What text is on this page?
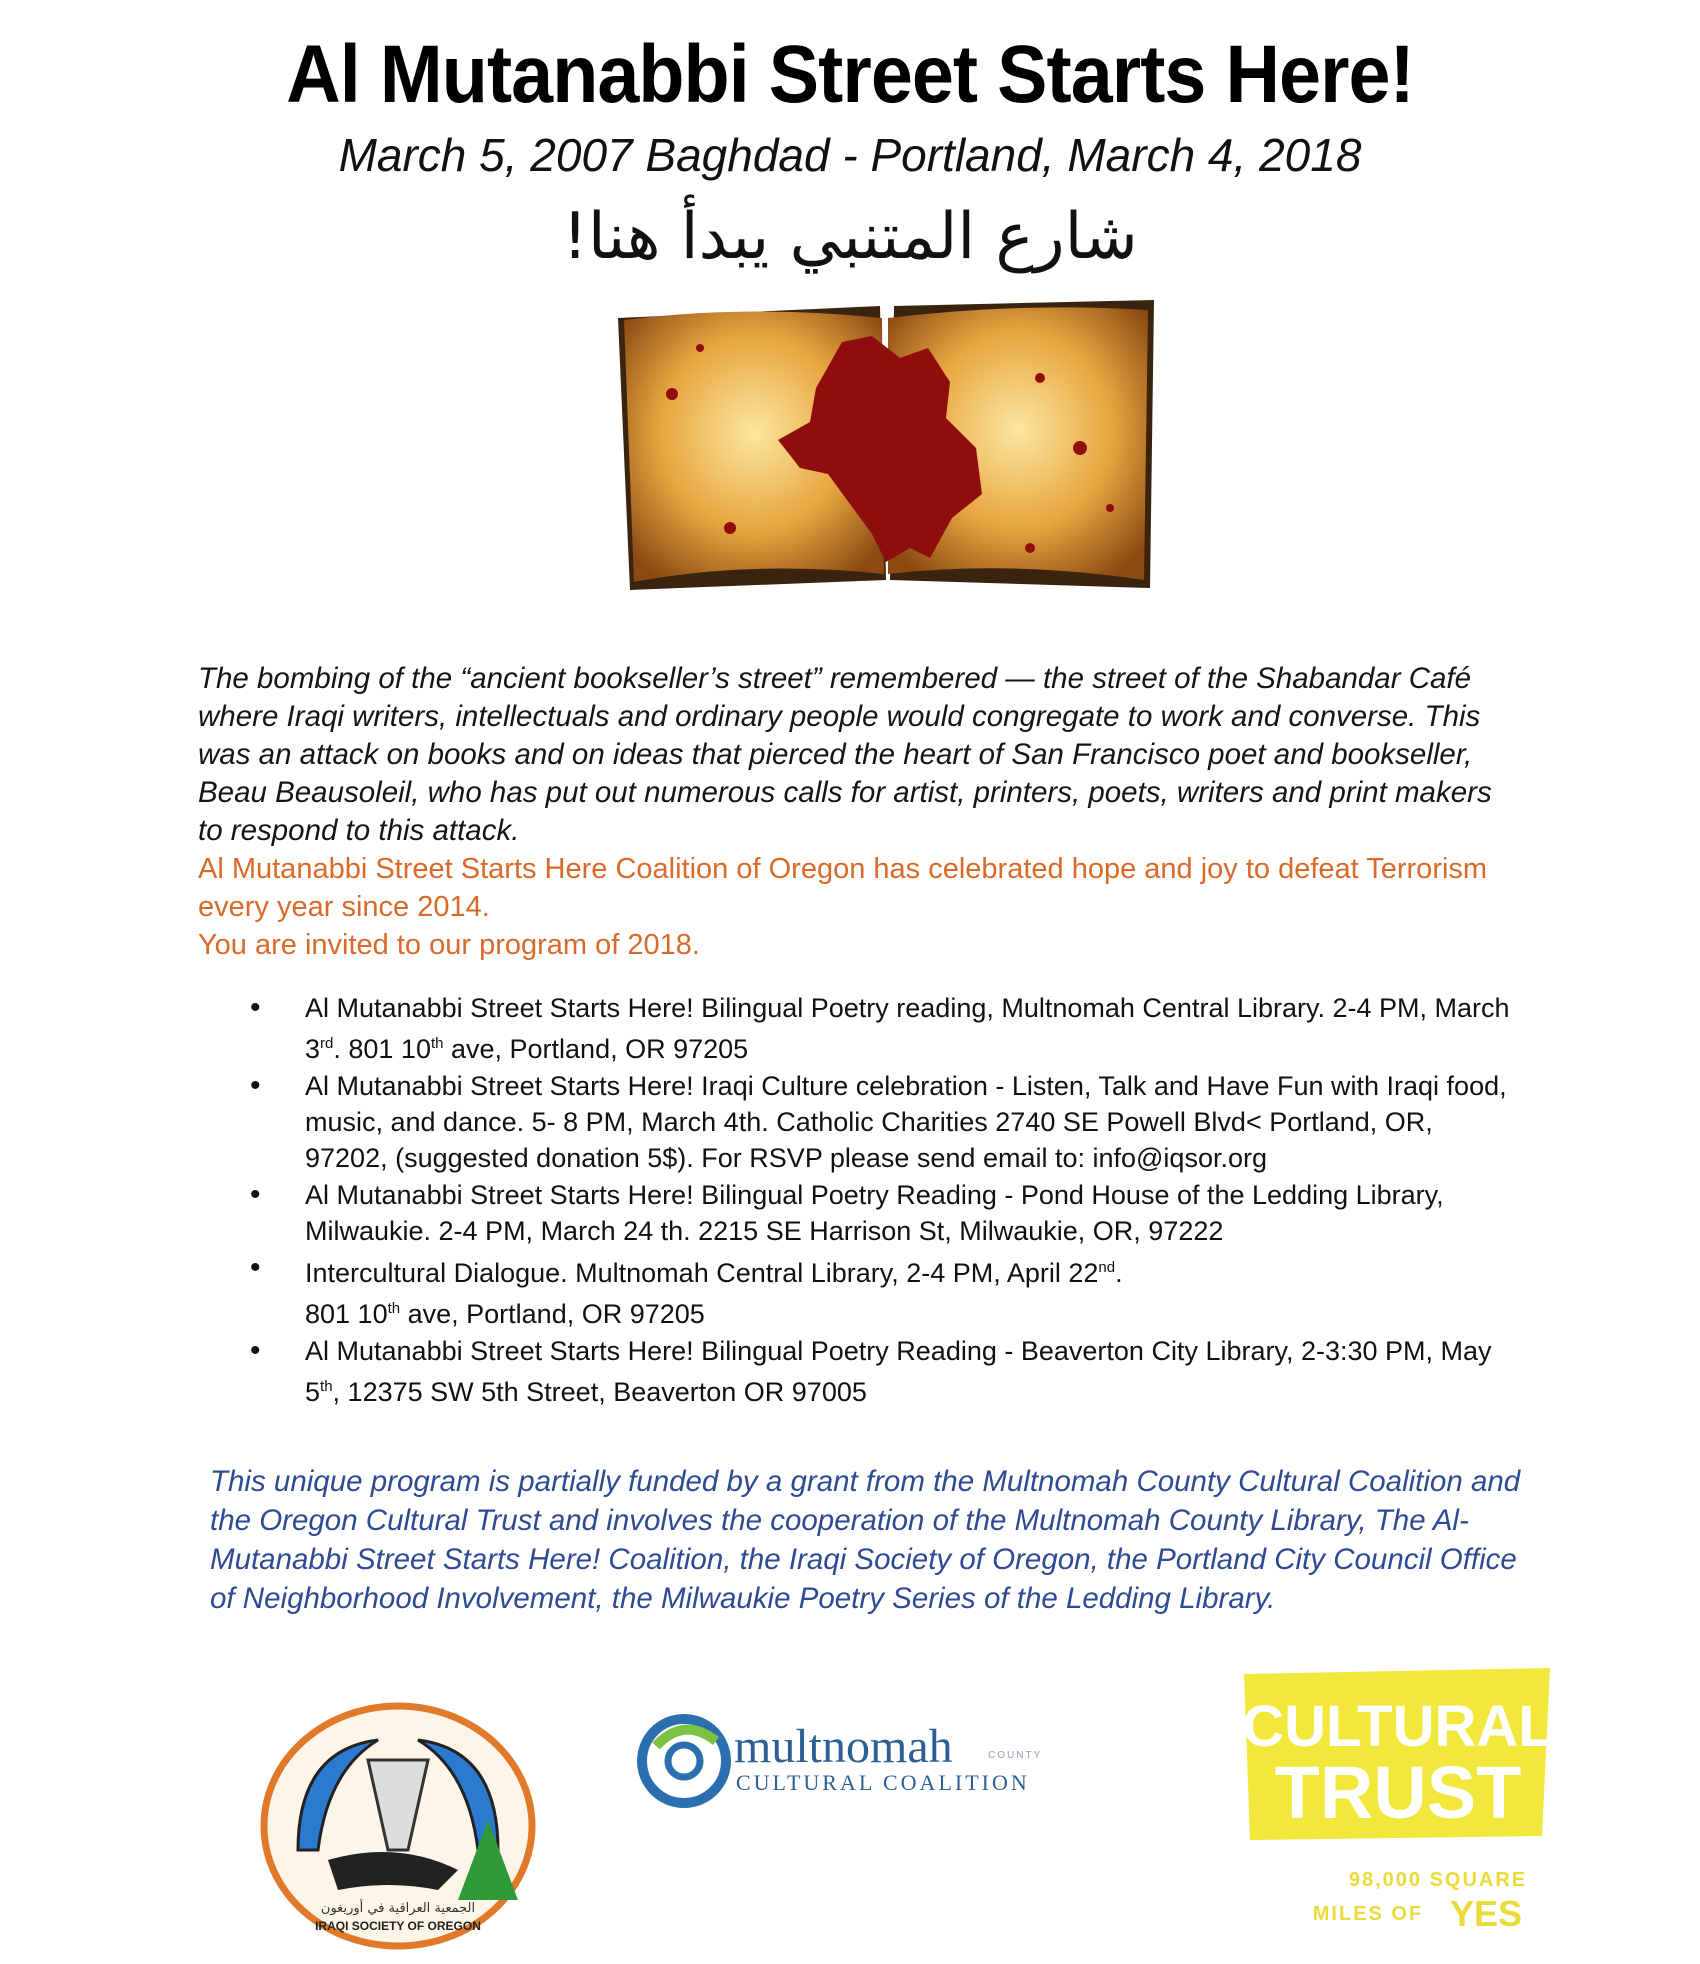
Al Mutanabbi Street Starts Here!
March 5, 2007 Baghdad - Portland, March 4, 2018
شارع المتنبي يبدأ هنا!

The bombing of the “ancient bookseller’s street” remembered — the street of the Shabandar Café where Iraqi writers, intellectuals and ordinary people would congregate to work and converse. This was an attack on books and on ideas that pierced the heart of San Francisco poet and bookseller, Beau Beausoleil, who has put out numerous calls for artist, printers, poets, writers and print makers to respond to this attack.

Al Mutanabbi Street Starts Here Coalition of Oregon has celebrated hope and joy to defeat Terrorism every year since 2014.

You are invited to our program of 2018.

• Al Mutanabbi Street Starts Here! Bilingual Poetry reading, Multnomah Central Library. 2-4 PM, March 3rd. 801 10th ave, Portland, OR 97205
• Al Mutanabbi Street Starts Here! Iraqi Culture celebration - Listen, Talk and Have Fun with Iraqi food, music, and dance. 5- 8 PM, March 4th. Catholic Charities 2740 SE Powell Blvd< Portland, OR, 97202, (suggested donation 5$). For RSVP please send email to: info@iqsor.org
• Al Mutanabbi Street Starts Here! Bilingual Poetry Reading - Pond House of the Ledding Library, Milwaukie. 2-4 PM, March 24 th. 2215 SE Harrison St, Milwaukie, OR, 97222
• Intercultural Dialogue. Multnomah Central Library, 2-4 PM, April 22nd.
801 10th ave, Portland, OR 97205
• Al Mutanabbi Street Starts Here! Bilingual Poetry Reading - Beaverton City Library, 2-3:30 PM, May 5th, 12375 SW 5th Street, Beaverton OR 97005
This unique program is partially funded by a grant from the Multnomah County Cultural Coalition and the Oregon Cultural Trust and involves the cooperation of the Multnomah County Library, The Al-Mutanabbi Street Starts Here! Coalition, the Iraqi Society of Oregon, the Portland City Council Office of Neighborhood Involvement, the Milwaukie Poetry Series of the Ledding Library.
الجمعية العراقية في أوريغون
IRAQI SOCIETY OF OREGON
multnomah	COUNTY
CULTURAL COALITION
CULTURAL
TRUST
98,000 SQUARE
MILES OF YES
